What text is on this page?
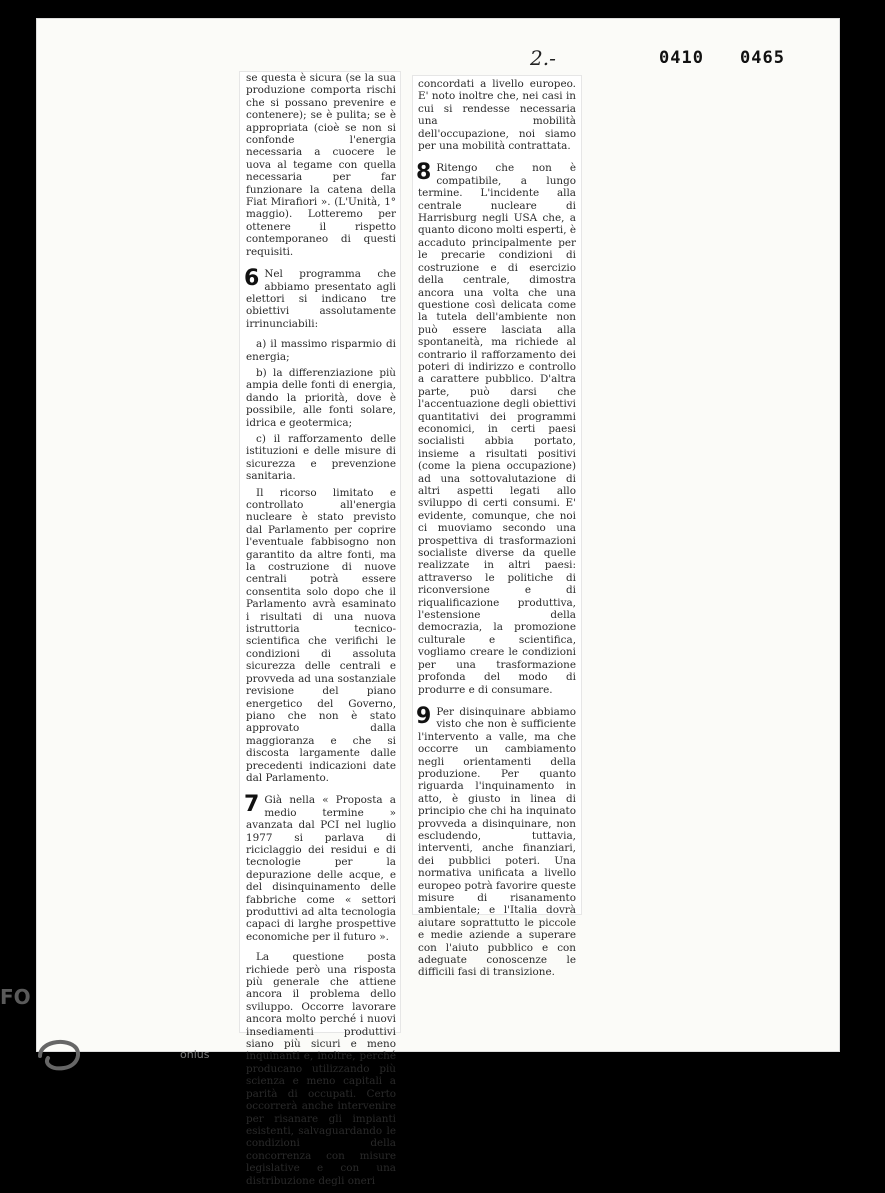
2.-	0410 0465

se questa è sicura (se la sua produzione comporta rischi che si possano prevenire e contenere); se è pulita; se è appropriata (cioè se non si confonde l'energia necessaria a cuocere le uova al tegame con quella necessaria per far funzionare la catena della Fiat Mirafiori ». (L'Unità, 1° maggio). Lotteremo per ottenere il rispetto contemporaneo di questi requisiti.

6 Nel programma che abbiamo presentato agli elettori si indicano tre obiettivi assolutamente irrinunciabili:

a) il massimo risparmio di energia;

b) la differenziazione più ampia delle fonti di energia, dando la priorità, dove è possibile, alle fonti solare, idrica e geotermica;

c) il rafforzamento delle istituzioni e delle misure di sicurezza e prevenzione sanitaria.

Il ricorso limitato e controllato all'energia nucleare è stato previsto dal Parlamento per coprire l'eventuale fabbisogno non garantito da altre fonti, ma la costruzione di nuove centrali potrà essere consentita solo dopo che il Parlamento avrà esaminato i risultati di una nuova istruttoria tecnico-scientifica che verifichi le condizioni di assoluta sicurezza delle centrali e provveda ad una sostanziale revisione del piano energetico del Governo, piano che non è stato approvato dalla maggioranza e che si discosta largamente dalle precedenti indicazioni date dal Parlamento.

7 Già nella « Proposta a medio termine » avanzata dal PCI nel luglio 1977 si parlava di riciclaggio dei residui e di tecnologie per la depurazione delle acque, e del disinquinamento delle fabbriche come « settori produttivi ad alta tecnologia capaci di larghe prospettive economiche per il futuro ».

La questione posta richiede però una risposta più generale che attiene ancora il problema dello sviluppo. Occorre lavorare ancora molto perché i nuovi insediamenti produttivi siano più sicuri e meno inquinanti e, inoltre, perché producano utilizzando più scienza e meno capitali a parità di occupati. Certo occorrerà anche intervenire per risanare gli impianti esistenti, salvaguardando le condizioni della concorrenza con misure legislative e con una distribuzione degli oneri

concordati a livello europeo. E' noto inoltre che, nei casi in cui si rendesse necessaria una mobilità dell'occupazione, noi siamo per una mobilità contrattata.

8 Ritengo che non è compatibile, a lungo termine. L'incidente alla centrale nucleare di Harrisburg negli USA che, a quanto dicono molti esperti, è accaduto principalmente per le precarie condizioni di costruzione e di esercizio della centrale, dimostra ancora una volta che una questione così delicata come la tutela dell'ambiente non può essere lasciata alla spontaneità, ma richiede al contrario il rafforzamento dei poteri di indirizzo e controllo a carattere pubblico. D'altra parte, può darsi che l'accentuazione degli obiettivi quantitativi dei programmi economici, in certi paesi socialisti abbia portato, insieme a risultati positivi (come la piena occupazione) ad una sottovalutazione di altri aspetti legati allo sviluppo di certi consumi. E' evidente, comunque, che noi ci muoviamo secondo una prospettiva di trasformazioni socialiste diverse da quelle realizzate in altri paesi: attraverso le politiche di riconversione e di riqualificazione produttiva, l'estensione della democrazia, la promozione culturale e scientifica, vogliamo creare le condizioni per una trasformazione profonda del modo di produrre e di consumare.

9 Per disinquinare abbiamo visto che non è sufficiente l'intervento a valle, ma che occorre un cambiamento negli orientamenti della produzione. Per quanto riguarda l'inquinamento in atto, è giusto in linea di principio che chi ha inquinato provveda a disinquinare, non escludendo, tuttavia, interventi, anche finanziari, dei pubblici poteri. Una normativa unificata a livello europeo potrà favorire queste misure di risanamento ambientale; e l'Italia dovrà aiutare soprattutto le piccole e medie aziende a superare con l'aiuto pubblico e con adeguate conoscenze le difficili fasi di transizione.

FO
onlus
